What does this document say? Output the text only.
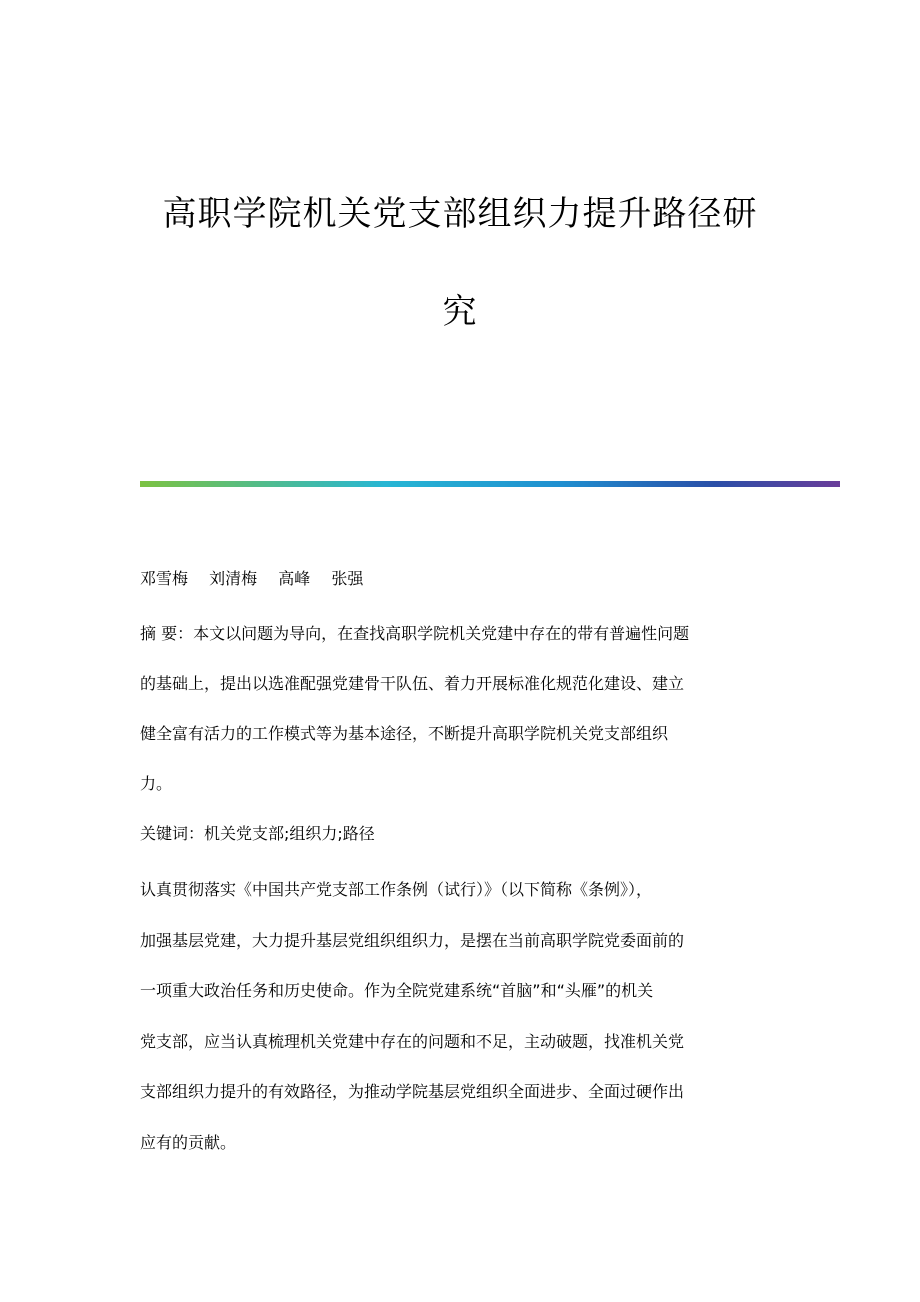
高职学院机关党支部组织力提升路径研
究
邓雪梅 刘清梅 高峰 张强
摘 要：本文以问题为导向，在查找高职学院机关党建中存在的带有普遍性问题
的基础上，提出以选准配强党建骨干队伍、着力开展标准化规范化建设、建立
健全富有活力的工作模式等为基本途径，不断提升高职学院机关党支部组织
力。
关键词：机关党支部;组织力;路径
认真贯彻落实《中国共产党支部工作条例（试行）》（以下简称《条例》），
加强基层党建，大力提升基层党组织组织力，是摆在当前高职学院党委面前的
一项重大政治任务和历史使命。作为全院党建系统“首脑”和“头雁”的机关
党支部，应当认真梳理机关党建中存在的问题和不足，主动破题，找准机关党
支部组织力提升的有效路径，为推动学院基层党组织全面进步、全面过硬作出
应有的贡献。
